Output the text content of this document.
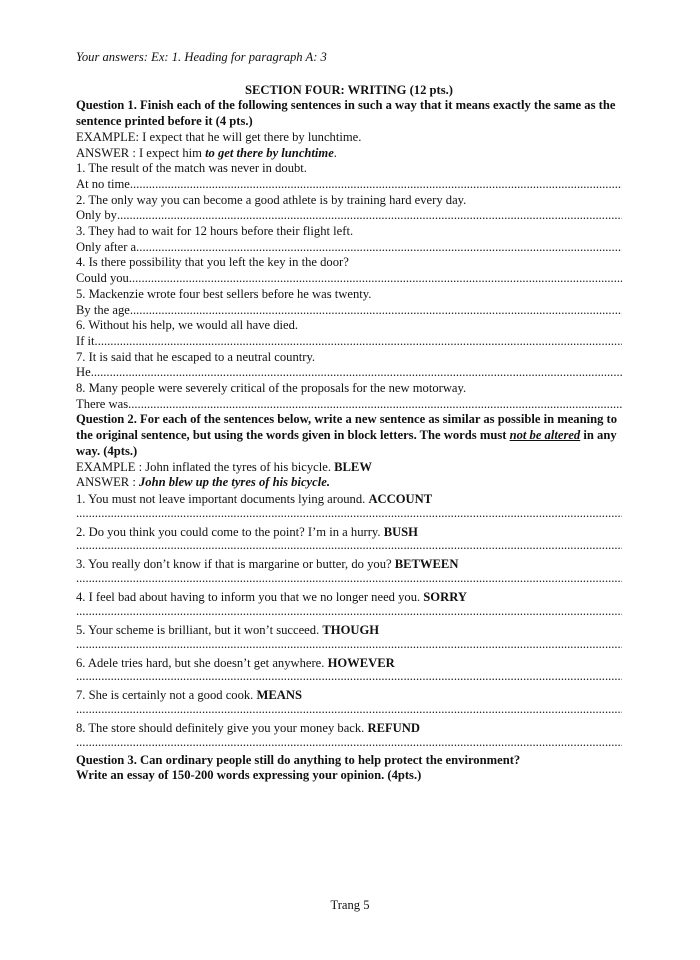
Your answers: Ex: 1. Heading for paragraph A: 3
SECTION FOUR: WRITING (12 pts.)
Question 1. Finish each of the following sentences in such a way that it means exactly the same as the sentence printed before it (4 pts.)
EXAMPLE: I expect that he will get there by lunchtime.
ANSWER : I expect him to get there by lunchtime.
1. The result of the match was never in doubt.
At no time
.....
2. The only way you can become a good athlete is by training hard every day.
Only by
.....
3. They had to wait for 12 hours before their flight left.
Only after a
.....
4. Is there possibility that you left the key in the door?
Could you
.....
5. Mackenzie wrote four best sellers before he was twenty.
By the age
.....
6. Without his help, we would all have died.
If it
.....
7. It is said that he escaped to a neutral country.
He
.....
8. Many people were severely critical of the proposals for the new motorway.
There was
.....
Question 2. For each of the sentences below, write a new sentence as similar as possible in meaning to the original sentence, but using the words given in block letters. The words must not be altered in any way. (4pts.)
EXAMPLE : John inflated the tyres of his bicycle. BLEW
ANSWER : John blew up the tyres of his bicycle.
1. You must not leave important documents lying around. ACCOUNT
.....
2. Do you think you could come to the point? I’m in a hurry. BUSH
.....
3. You really don’t know if that is margarine or butter, do you? BETWEEN
.....
4. I feel bad about having to inform you that we no longer need you. SORRY
.....
5. Your scheme is brilliant, but it won’t succeed. THOUGH
.....
6. Adele tries hard, but she doesn’t get anywhere. HOWEVER
.....
7. She is certainly not a good cook. MEANS
.....
8. The store should definitely give you your money back. REFUND
.....
Question 3. Can ordinary people still do anything to help protect the environment?
Write an essay of 150-200 words expressing your opinion. (4pts.)
Trang 5
